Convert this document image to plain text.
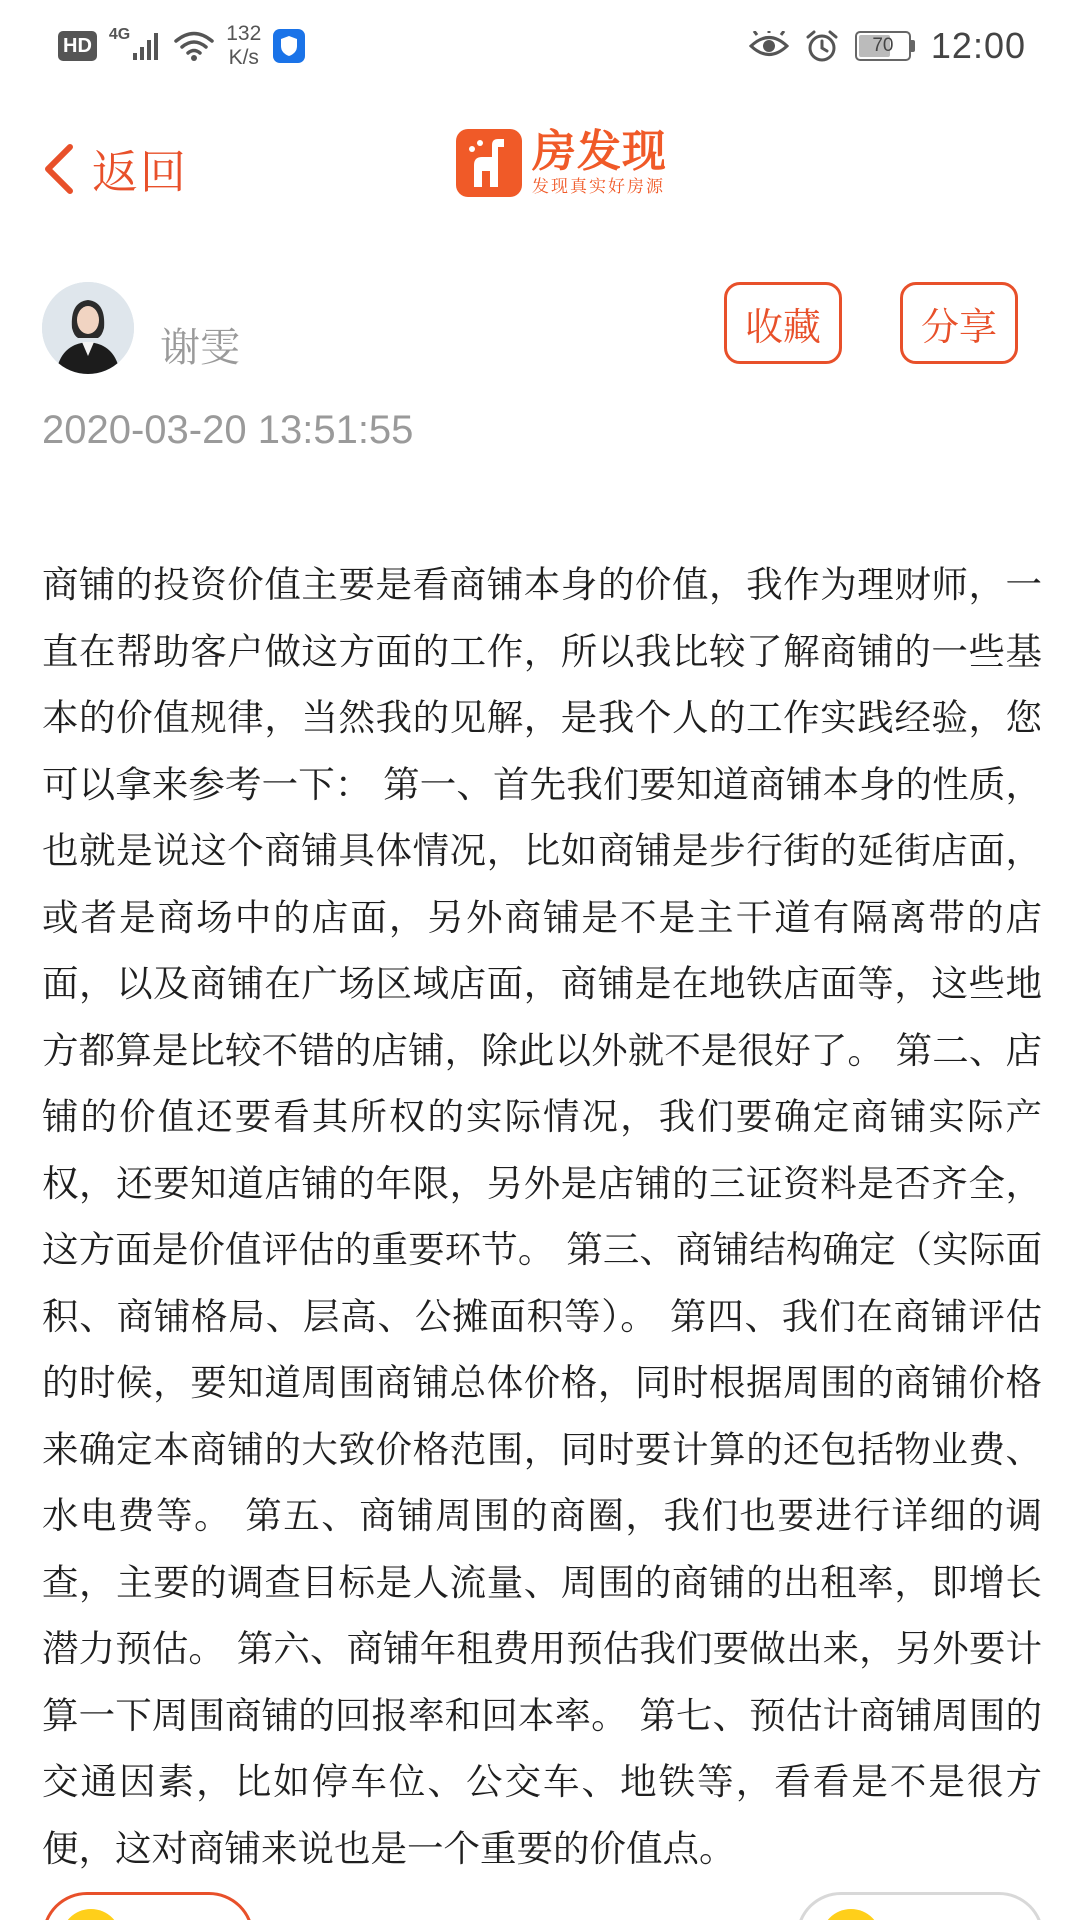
HD
4G	132
K/s
70 12:00
返回	房发现
发现真实好房源
谢雯	收藏	分享
2020-03-20 13:51:55
商铺的投资价值主要是看商铺本身的价值，我作为理财师，一直在帮助客户做这方面的工作，所以我比较了解商铺的一些基本的价值规律，当然我的见解，是我个人的工作实践经验，您可以拿来参考一下： 第一、首先我们要知道商铺本身的性质，也就是说这个商铺具体情况，比如商铺是步行街的延街店面，或者是商场中的店面，另外商铺是不是主干道有隔离带的店面，以及商铺在广场区域店面，商铺是在地铁店面等，这些地方都算是比较不错的店铺，除此以外就不是很好了。 第二、店铺的价值还要看其所权的实际情况，我们要确定商铺实际产权，还要知道店铺的年限，另外是店铺的三证资料是否齐全，这方面是价值评估的重要环节。 第三、商铺结构确定（实际面积、商铺格局、层高、公摊面积等）。 第四、我们在商铺评估的时候，要知道周围商铺总体价格，同时根据周围的商铺价格来确定本商铺的大致价格范围，同时要计算的还包括物业费、水电费等。 第五、商铺周围的商圈，我们也要进行详细的调查，主要的调查目标是人流量、周围的商铺的出租率，即增长潜力预估。 第六、商铺年租费用预估我们要做出来，另外要计算一下周围商铺的回报率和回本率。 第七、预估计商铺周围的交通因素，比如停车位、公交车、地铁等，看看是不是很方便，这对商铺来说也是一个重要的价值点。
